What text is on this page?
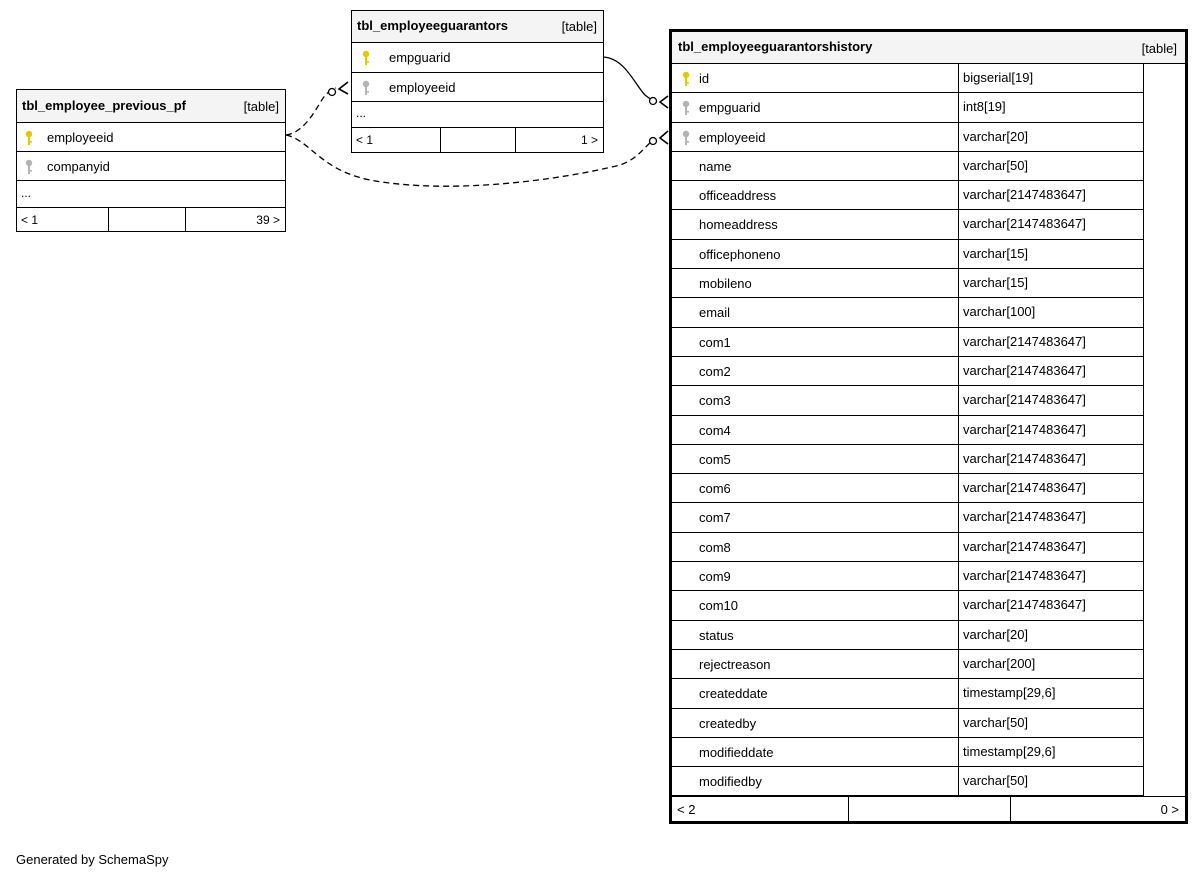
tbl_employee_previous_pf	[table]
employeeid
companyid
...
< 1	39 >
tbl_employeeguarantors	[table]
empguarid
employeeid
...
< 1	1 >
tbl_employeeguarantorshistory	[table]
id	bigserial[19]
empguarid	int8[19]
employeeid	varchar[20]
name	varchar[50]
officeaddress	varchar[2147483647]
homeaddress	varchar[2147483647]
officephoneno	varchar[15]
mobileno	varchar[15]
email	varchar[100]
com1	varchar[2147483647]
com2	varchar[2147483647]
com3	varchar[2147483647]
com4	varchar[2147483647]
com5	varchar[2147483647]
com6	varchar[2147483647]
com7	varchar[2147483647]
com8	varchar[2147483647]
com9	varchar[2147483647]
com10	varchar[2147483647]
status	varchar[20]
rejectreason	varchar[200]
createddate	timestamp[29,6]
createdby	varchar[50]
modifieddate	timestamp[29,6]
modifiedby	varchar[50]
< 2	0 >
Generated by SchemaSpy
